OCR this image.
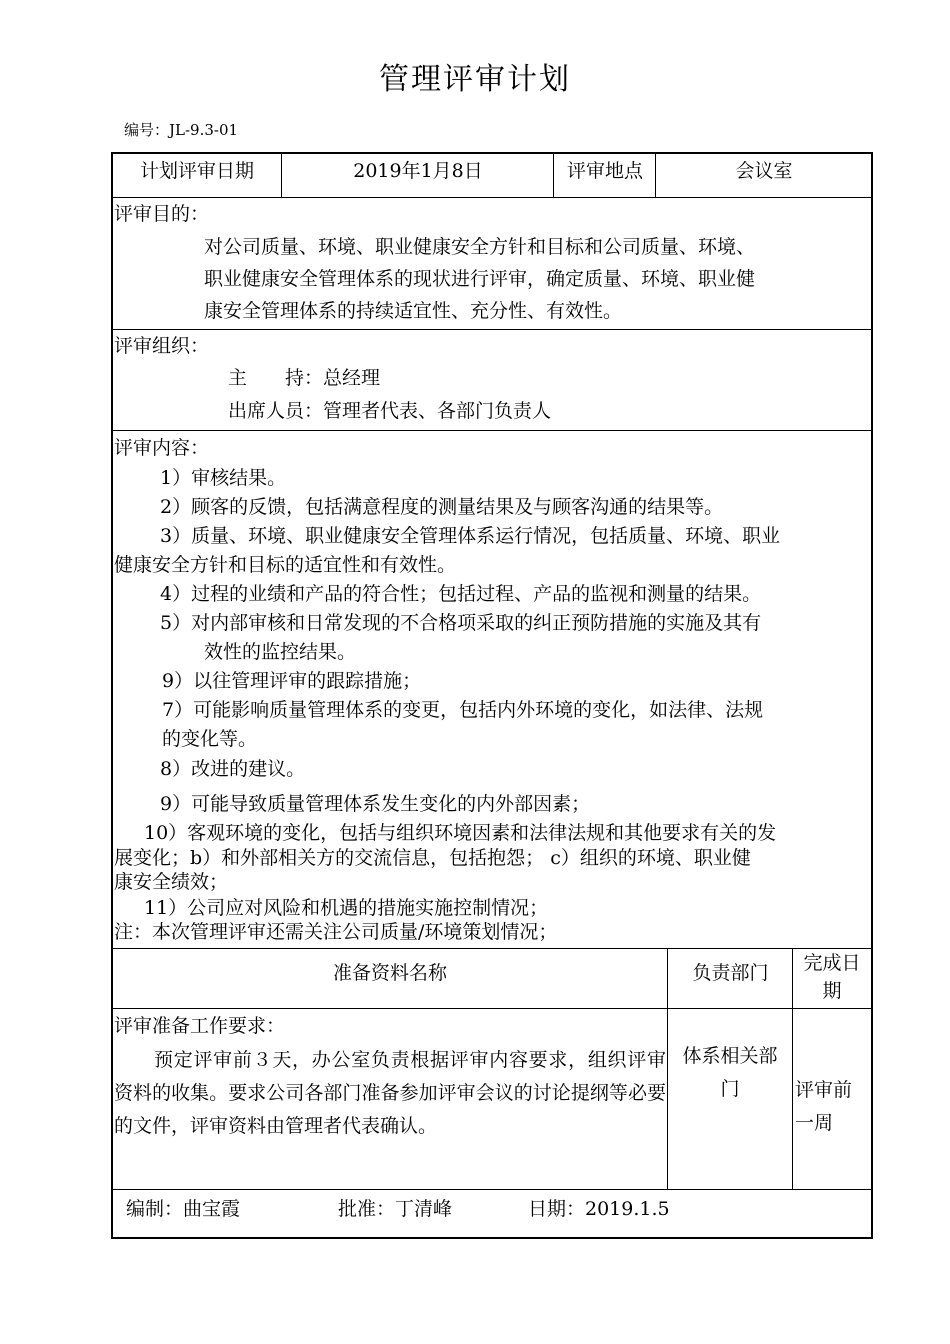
管理评审计划
编号：JL-9.3-01
计划评审日期	2019年1月8日	评审地点	会议室
评审目的：
对公司质量、环境、职业健康安全方针和目标和公司质量、环境、
职业健康安全管理体系的现状进行评审，确定质量、环境、职业健
康安全管理体系的持续适宜性、充分性、有效性。
评审组织：
主　　持：总经理
出席人员：管理者代表、各部门负责人
评审内容：
1）审核结果。
2）顾客的反馈，包括满意程度的测量结果及与顾客沟通的结果等。
3）质量、环境、职业健康安全管理体系运行情况，包括质量、环境、职业
健康安全方针和目标的适宜性和有效性。
4）过程的业绩和产品的符合性；包括过程、产品的监视和测量的结果。
5）对内部审核和日常发现的不合格项采取的纠正预防措施的实施及其有
效性的监控结果。
9）以往管理评审的跟踪措施；
7）可能影响质量管理体系的变更，包括内外环境的变化，如法律、法规
的变化等。
8）改进的建议。
9）可能导致质量管理体系发生变化的内外部因素；
10）客观环境的变化，包括与组织环境因素和法律法规和其他要求有关的发
展变化；b）和外部相关方的交流信息，包括抱怨； c）组织的环境、职业健
康安全绩效；
11）公司应对风险和机遇的措施实施控制情况；
注：本次管理评审还需关注公司质量/环境策划情况；
准备资料名称	负责部门	完成日期
评审准备工作要求：
预定评审前３天，办公室负责根据评审内容要求，组织评审资料的收集。要求公司各部门准备参加评审会议的讨论提纲等必要的文件，评审资料由管理者代表确认。
体系相关部门	评审前一周
编制：曲宝霞	批准：丁清峰	日期：2019.1.5
